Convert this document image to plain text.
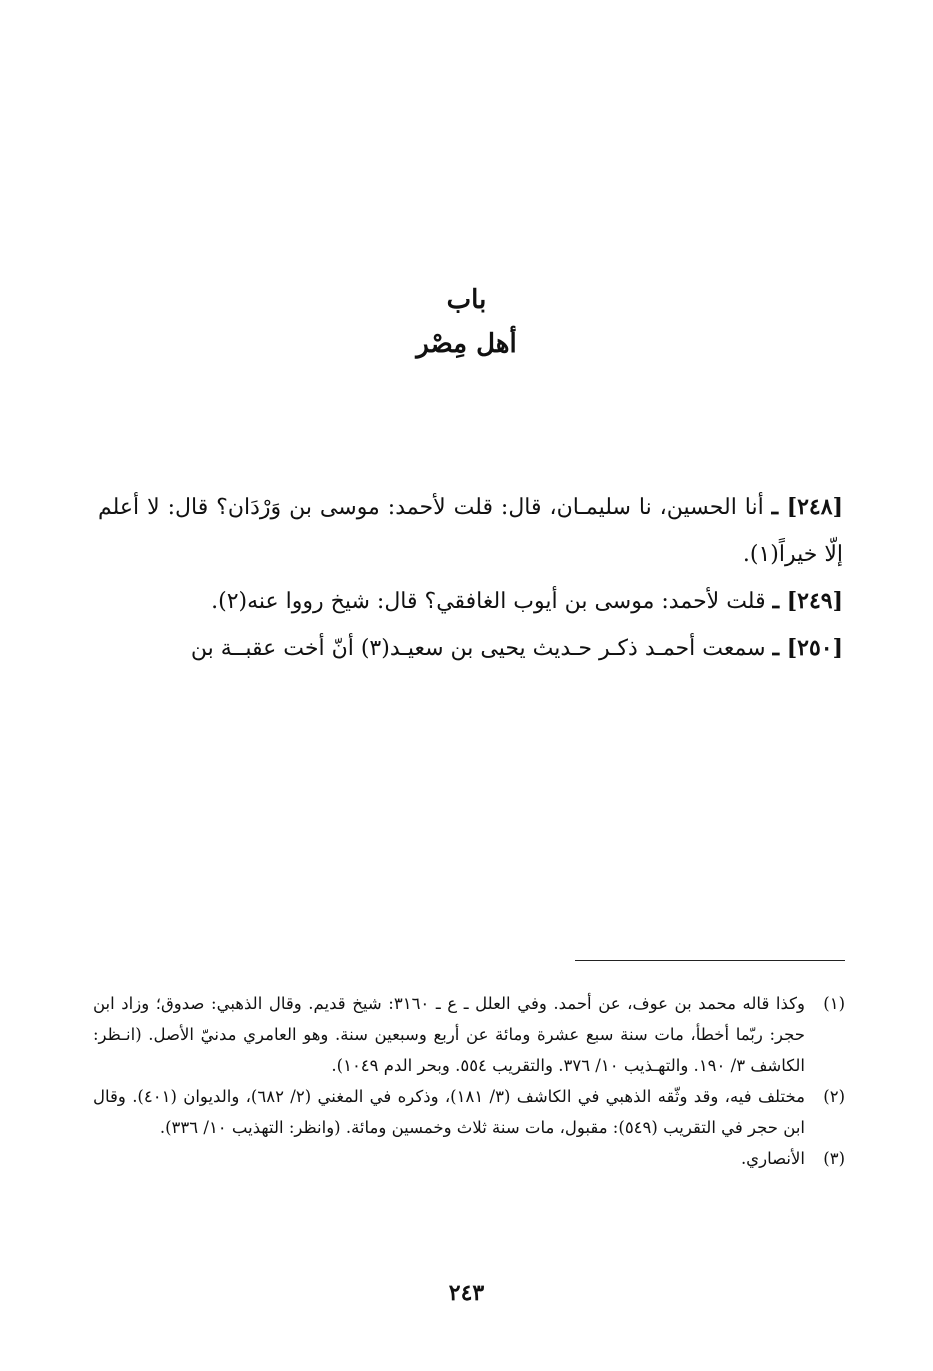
باب
أهل مِصْر

[٢٤٨] ـ أنا الحسين، نا سليمـان، قال: قلت لأحمد: موسى بن وَرْدَان؟ قال: لا أعلم إلّا خيراً(١).

[٢٤٩] ـ قلت لأحمد: موسى بن أيوب الغافقي؟ قال: شيخ رووا عنه(٢).

[٢٥٠] ـ سمعت أحمـد ذكـر حـديث يحيى بن سعيـد(٣) أنّ أخت عقبــة بن

(١)
وكذا قاله محمد بن عوف، عن أحمد. وفي العلل ـ ع ـ ٣١٦٠: شيخ قديم. وقال الذهبي: صدوق؛ وزاد ابن حجر: ربّما أخطأ، مات سنة سبع عشرة ومائة عن أربع وسبعين سنة. وهو العامري مدنيّ الأصل. (انـظر: الكاشف ٣/ ١٩٠. والتهـذيب ١٠/ ٣٧٦. والتقريب ٥٥٤. وبحر الدم ١٠٤٩).
(٢)
مختلف فيه، وقد وثّقه الذهبي في الكاشف (٣/ ١٨١)، وذكره في المغني (٢/ ٦٨٢)، والديوان (٤٠١). وقال ابن حجر في التقريب (٥٤٩): مقبول، مات سنة ثلاث وخمسين ومائة. (وانظر: التهذيب ١٠/ ٣٣٦).
(٣)
الأنصاري.
٢٤٣
